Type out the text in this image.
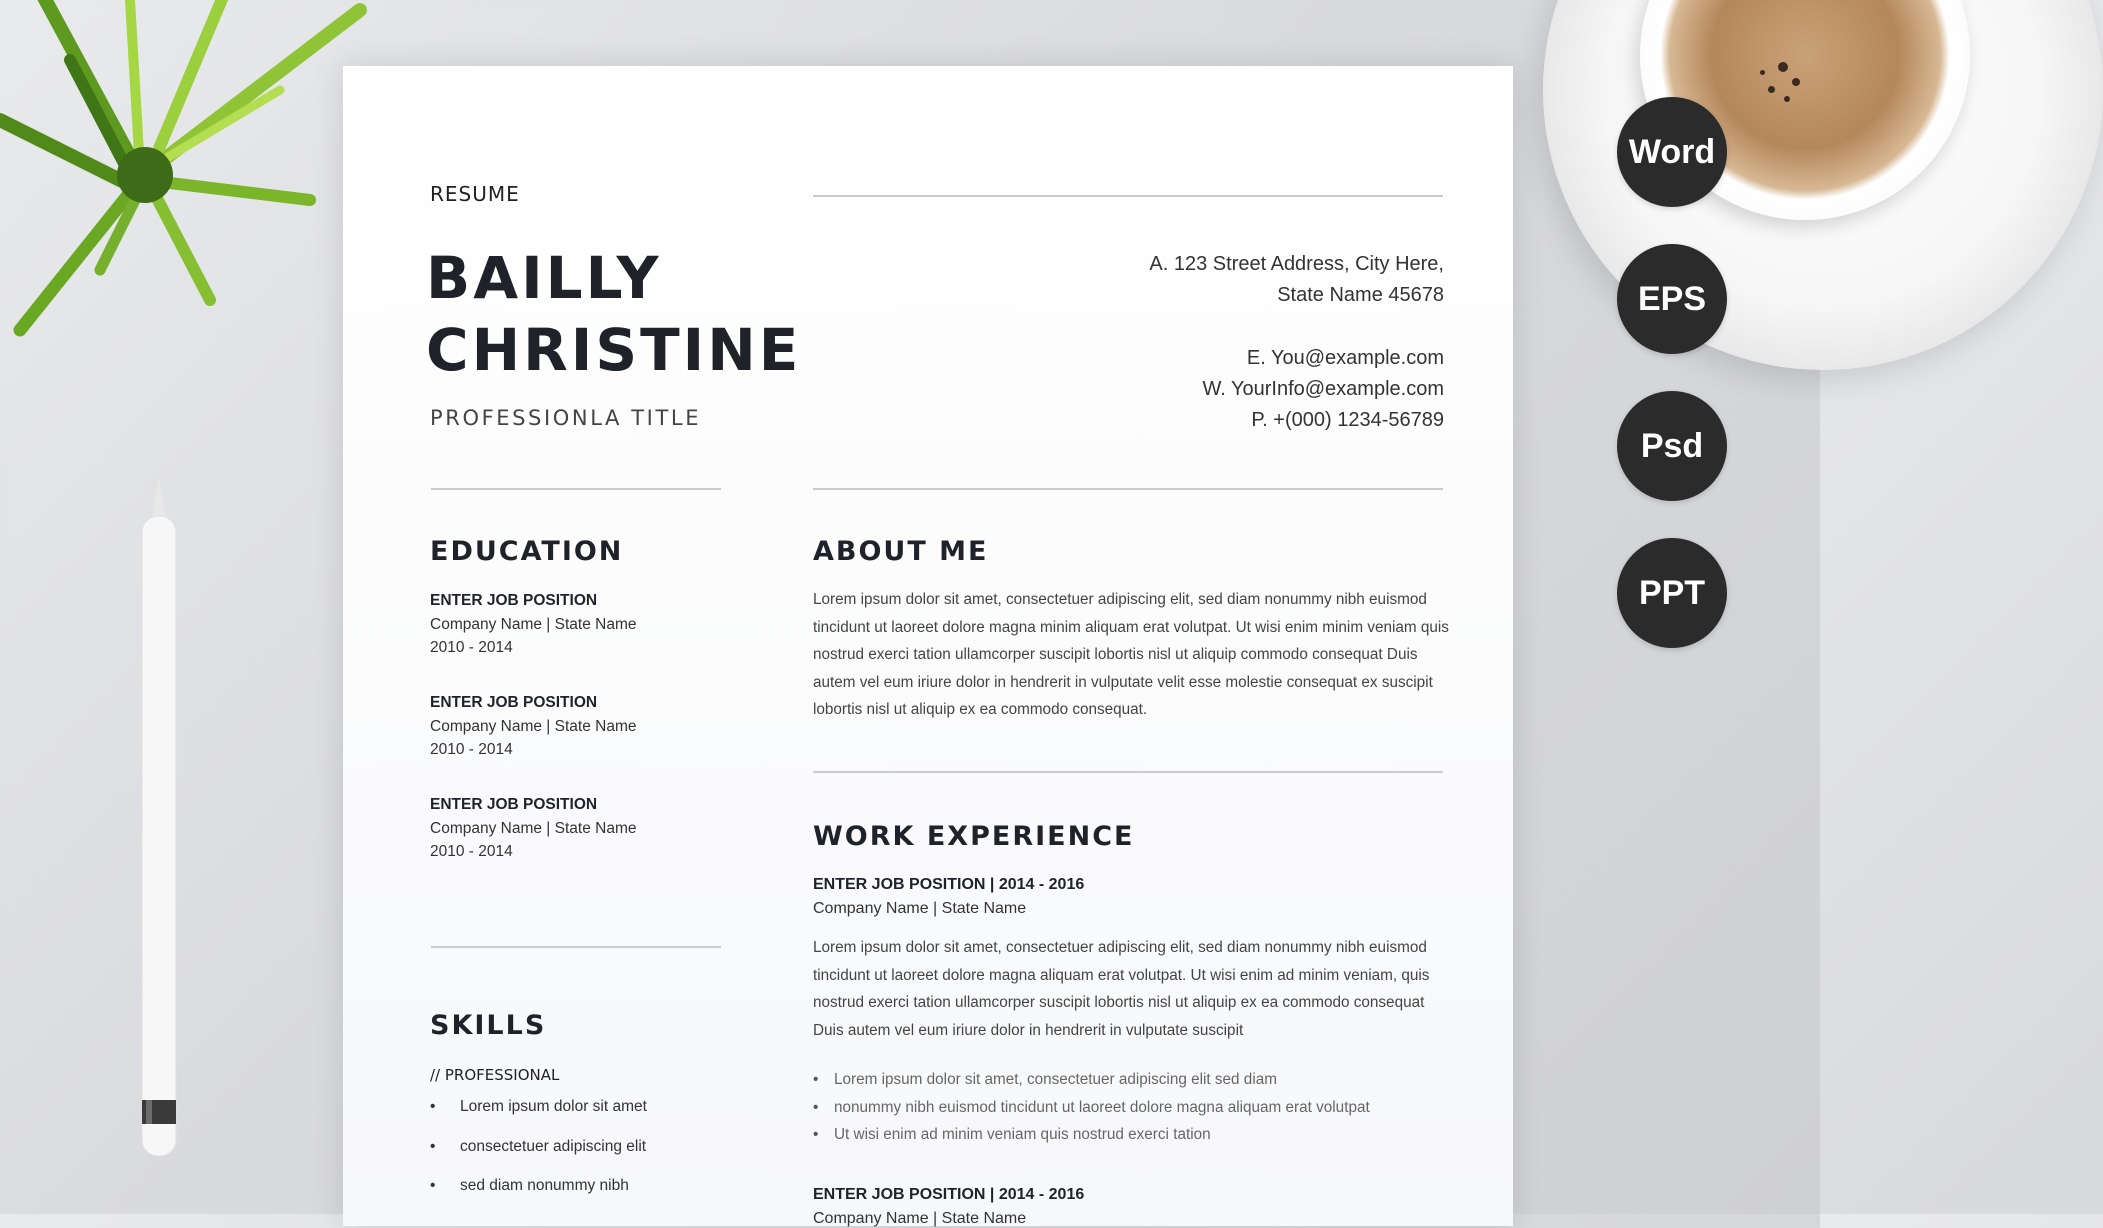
Word
EPS
Psd
PPT
RESUME
BAILLY
CHRISTINE
PROFESSIONLA TITLE
A. 123 Street Address, City Here,
State Name 45678
E. You@example.com
W. YourInfo@example.com
P. +(000) 1234-56789
EDUCATION
ENTER JOB POSITION
Company Name | State Name
2010 - 2014
ENTER JOB POSITION
Company Name | State Name
2010 - 2014
ENTER JOB POSITION
Company Name | State Name
2010 - 2014
SKILLS
// PROFESSIONAL
• Lorem ipsum dolor sit amet
• consectetuer adipiscing elit
• sed diam nonummy nibh
ABOUT ME
Lorem ipsum dolor sit amet, consectetuer adipiscing elit, sed diam nonummy nibh euismod tincidunt ut laoreet dolore magna minim aliquam erat volutpat. Ut wisi enim minim veniam quis nostrud exerci tation ullamcorper suscipit lobortis nisl ut aliquip commodo consequat Duis autem vel eum iriure dolor in hendrerit in vulputate velit esse molestie consequat ex suscipit lobortis nisl ut aliquip ex ea commodo consequat.
WORK EXPERIENCE
ENTER JOB POSITION | 2014 - 2016
Company Name | State Name
Lorem ipsum dolor sit amet, consectetuer adipiscing elit, sed diam nonummy nibh euismod tincidunt ut laoreet dolore magna aliquam erat volutpat. Ut wisi enim ad minim veniam, quis nostrud exerci tation ullamcorper suscipit lobortis nisl ut aliquip ex ea commodo consequat Duis autem vel eum iriure dolor in hendrerit in vulputate suscipit
• Lorem ipsum dolor sit amet, consectetuer adipiscing elit sed diam
• nonummy nibh euismod tincidunt ut laoreet dolore magna aliquam erat volutpat
• Ut wisi enim ad minim veniam quis nostrud exerci tation
ENTER JOB POSITION | 2014 - 2016
Company Name | State Name
